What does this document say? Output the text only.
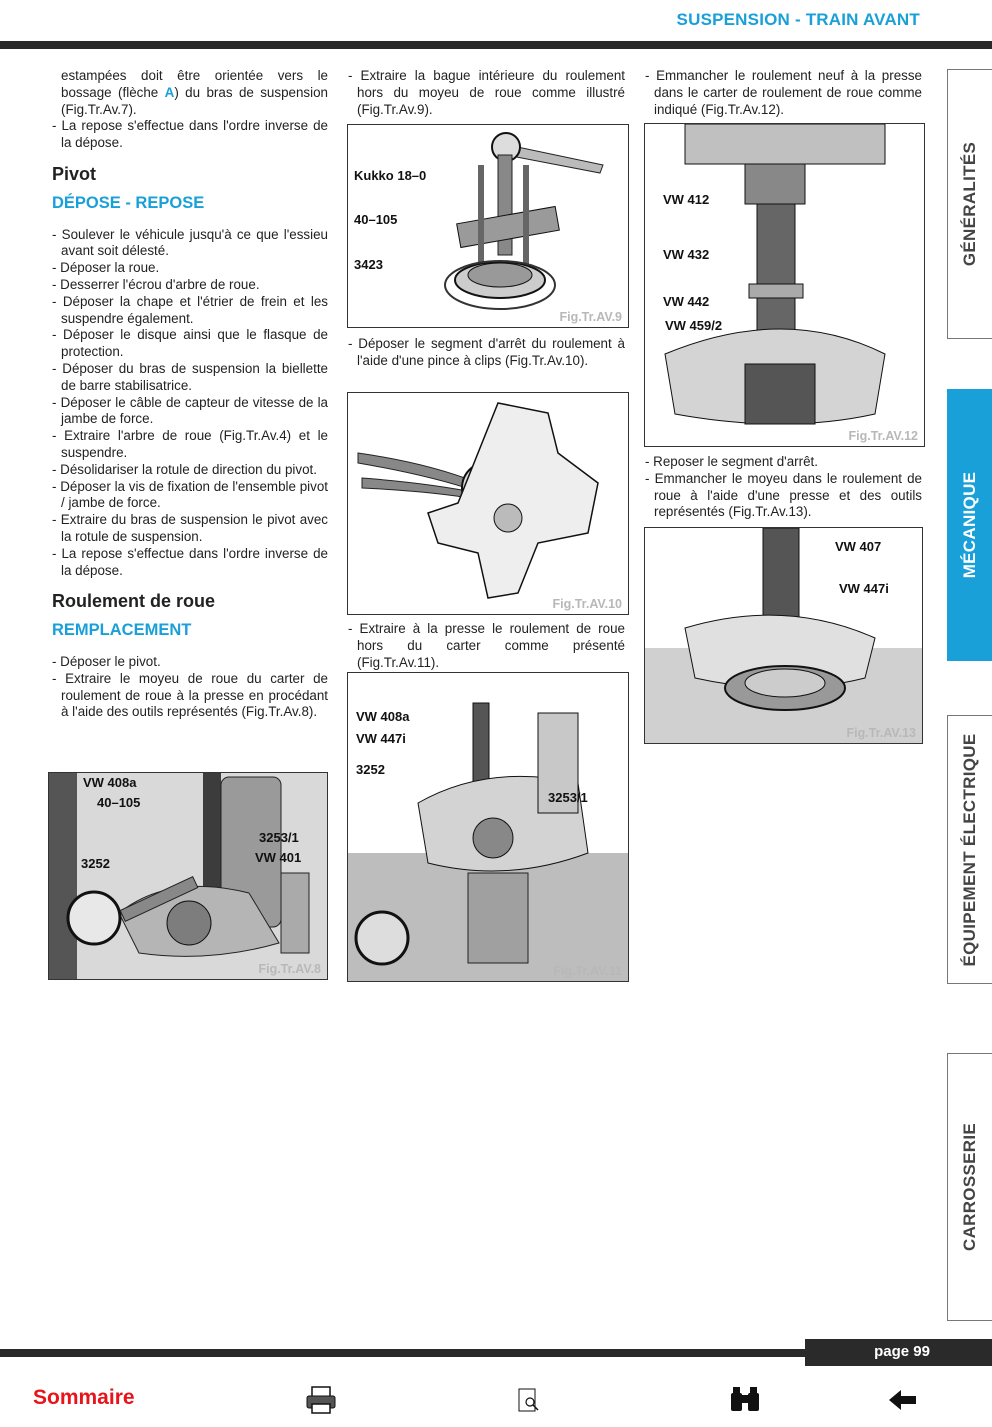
SUSPENSION - TRAIN AVANT

estampées doit être orientée vers le bossage (flèche A) du bras de suspension (Fig.Tr.Av.7).

- La repose s'effectue dans l'ordre inverse de la dépose.

Pivot
DÉPOSE - REPOSE
- Soulever le véhicule jusqu'à ce que l'essieu avant soit délesté.
- Déposer la roue.
- Desserrer l'écrou d'arbre de roue.
- Déposer la chape et l'étrier de frein et les suspendre également.
- Déposer le disque ainsi que le flasque de protection.
- Déposer du bras de suspension la biellette de barre stabilisatrice.
- Déposer le câble de capteur de vitesse de la jambe de force.
- Extraire l'arbre de roue (Fig.Tr.Av.4) et le suspendre.
- Désolidariser la rotule de direction du pivot.
- Déposer la vis de fixation de l'ensemble pivot / jambe de force.
- Extraire du bras de suspension le pivot avec la rotule de suspension.
- La repose s'effectue dans l'ordre inverse de la dépose.
Roulement de roue
REMPLACEMENT
- Déposer le pivot.
- Extraire le moyeu de roue du carter de roulement de roue à la presse en procédant à l'aide des outils représentés (Fig.Tr.Av.8).
VW 408a
40–105
3253/1
VW 401
3252
Fig.Tr.AV.8

- Extraire la bague intérieure du roulement hors du moyeu de roue comme illustré (Fig.Tr.Av.9).

Kukko 18–0
40–105
3423
Fig.Tr.AV.9

- Déposer le segment d'arrêt du roulement à l'aide d'une pince à clips (Fig.Tr.Av.10).

Fig.Tr.AV.10

- Extraire à la presse le roulement de roue hors du carter comme présenté (Fig.Tr.Av.11).

VW 408a
VW 447i
3252
3253/1
Fig.Tr.AV.11

- Emmancher le roulement neuf à la presse dans le carter de roulement de roue comme indiqué (Fig.Tr.Av.12).

VW 412
VW 432
VW 442
VW 459/2
Fig.Tr.AV.12

- Reposer le segment d'arrêt.

- Emmancher le moyeu dans le roulement de roue à l'aide d'une presse et des outils représentés (Fig.Tr.Av.13).

VW 407
VW 447i
Fig.Tr.AV.13
GÉNÉRALITÉS
MÉCANIQUE
ÉQUIPEMENT ÉLECTRIQUE
CARROSSERIE
page 99
Sommaire
